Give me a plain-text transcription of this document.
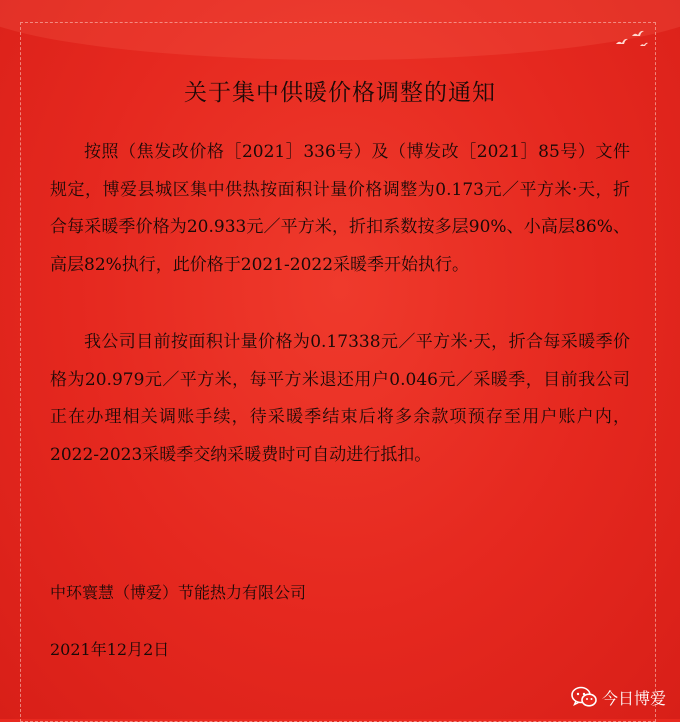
关于集中供暖价格调整的通知

按照（焦发改价格［2021］336号）及（博发改［2021］85号）文件规定，博爱县城区集中供热按面积计量价格调整为0.173元／平方米·天，折合每采暖季价格为20.933元／平方米，折扣系数按多层90%、小高层86%、高层82%执行，此价格于2021-2022采暖季开始执行。

我公司目前按面积计量价格为0.17338元／平方米·天，折合每采暖季价格为20.979元／平方米，每平方米退还用户0.046元／采暖季，目前我公司正在办理相关调账手续，待采暖季结束后将多余款项预存至用户账户内，2022-2023采暖季交纳采暖费时可自动进行抵扣。

中环寰慧（博爱）节能热力有限公司
2021年12月2日
今日博爱
